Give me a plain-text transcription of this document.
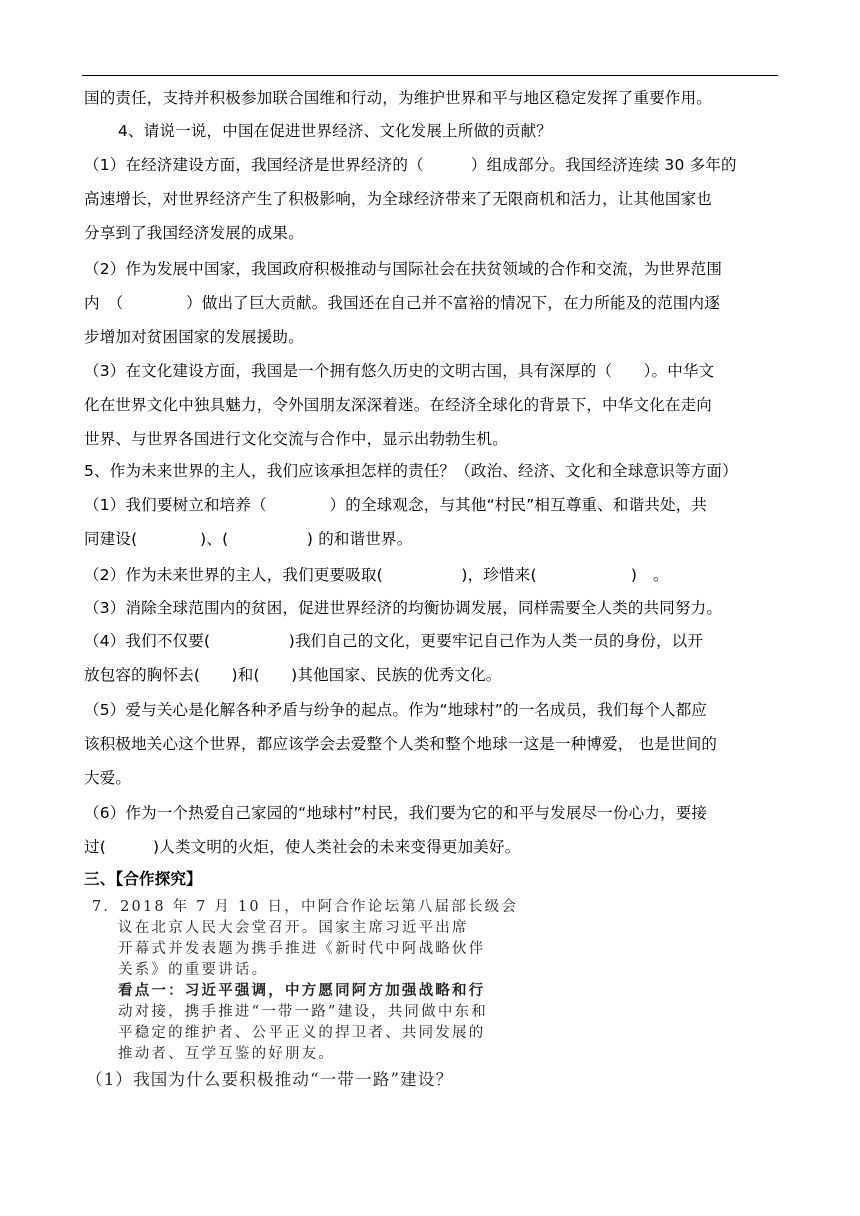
国的责任，支持并积极参加联合国维和行动，为维护世界和平与地区稳定发挥了重要作用。
4、请说一说，中国在促进世界经济、文化发展上所做的贡献？
（1）在经济建设方面，我国经济是世界经济的（　　　）组成部分。我国经济连续 30 多年的
高速增长，对世界经济产生了积极影响，为全球经济带来了无限商机和活力，让其他国家也
分享到了我国经济发展的成果。
（2）作为发展中国家，我国政府积极推动与国际社会在扶贫领域的合作和交流，为世界范围
内　（　　　　）做出了巨大贡献。我国还在自己并不富裕的情况下，在力所能及的范围内逐
步增加对贫困国家的发展援助。
（3）在文化建设方面，我国是一个拥有悠久历史的文明古国，具有深厚的（　　）。中华文
化在世界文化中独具魅力，令外国朋友深深着迷。在经济全球化的背景下，中华文化在走向
世界、与世界各国进行文化交流与合作中，显示出勃勃生机。
5、作为未来世界的主人，我们应该承担怎样的责任？（政治、经济、文化和全球意识等方面）
（1）我们要树立和培养（　　　　）的全球观念，与其他“村民”相互尊重、和谐共处，共
同建设(　　　　)、(　　　　　) 的和谐世界。
（2）作为未来世界的主人，我们更要吸取(　　　　　)，珍惜来(　　　　　　)　。
（3）消除全球范围内的贫困，促进世界经济的均衡协调发展，同样需要全人类的共同努力。
（4）我们不仅要(　　　　　)我们自己的文化，更要牢记自己作为人类一员的身份，以开
放包容的胸怀去(　　)和(　　)其他国家、民族的优秀文化。
（5）爱与关心是化解各种矛盾与纷争的起点。作为“地球村”的一名成员，我们每个人都应
该积极地关心这个世界，都应该学会去爱整个人类和整个地球一这是一种博爱， 也是世间的
大爱。
（6）作为一个热爱自己家园的“地球村”村民，我们要为它的和平与发展尽一份心力，要接
过(　　　)人类文明的火炬，使人类社会的未来变得更加美好。
三、【合作探究】
7．2018 年 7 月 10 日，中阿合作论坛第八届部长级会
议在北京人民大会堂召开。国家主席习近平出席
开幕式并发表题为携手推进《新时代中阿战略伙伴
关系》的重要讲话。
看点一：习近平强调，中方愿同阿方加强战略和行
动对接，携手推进“一带一路”建设，共同做中东和
平稳定的维护者、公平正义的捍卫者、共同发展的
推动者、互学互鉴的好朋友。
（1）我国为什么要积极推动“一带一路”建设？
